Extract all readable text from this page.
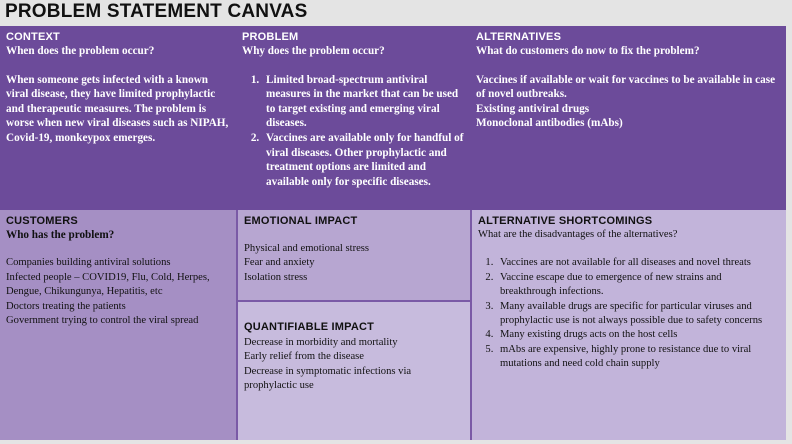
PROBLEM STATEMENT CANVAS
CONTEXT
When does the problem occur?
When someone gets infected with a known viral disease, they have limited prophylactic and therapeutic measures. The problem is worse when new viral diseases such as NIPAH, Covid-19, monkeypox emerges.
PROBLEM
Why does the problem occur?
1. Limited broad-spectrum antiviral measures in the market that can be used to target existing and emerging viral diseases.
2. Vaccines are available only for handful of viral diseases. Other prophylactic and treatment options are limited and available only for specific diseases.
ALTERNATIVES
What do customers do now to fix the problem?
Vaccines if available or wait for vaccines to be available in case of novel outbreaks.
Existing antiviral drugs
Monoclonal antibodies (mAbs)
CUSTOMERS
Who has the problem?
Companies building antiviral solutions
Infected people – COVID19, Flu, Cold, Herpes, Dengue, Chikungunya, Hepatitis, etc
Doctors treating the patients
Government trying to control the viral spread
EMOTIONAL IMPACT
Physical and emotional stress
Fear and anxiety
Isolation stress
QUANTIFIABLE IMPACT
Decrease in morbidity and mortality
Early relief from the disease
Decrease in symptomatic infections via prophylactic use
ALTERNATIVE SHORTCOMINGS
What are the disadvantages of the alternatives?
1. Vaccines are not available for all diseases and novel threats
2. Vaccine escape due to emergence of new strains and breakthrough infections.
3. Many available drugs are specific for particular viruses and prophylactic use is not always possible due to safety concerns
4. Many existing drugs acts on the host cells
5. mAbs are expensive, highly prone to resistance due to viral mutations and need cold chain supply
